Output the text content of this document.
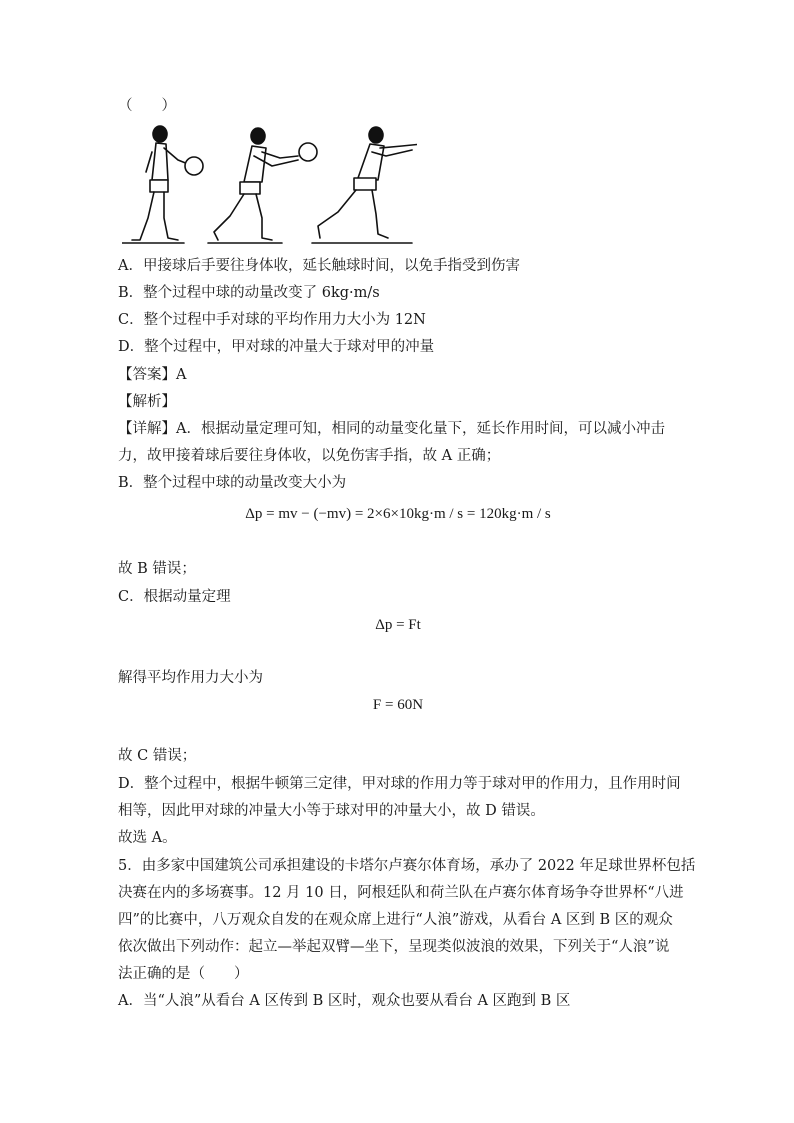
（　　）
A．甲接球后手要往身体收，延长触球时间，以免手指受到伤害
B．整个过程中球的动量改变了 6kg·m/s
C．整个过程中手对球的平均作用力大小为 12N
D．整个过程中，甲对球的冲量大于球对甲的冲量
【答案】A
【解析】
【详解】A．根据动量定理可知，相同的动量变化量下，延长作用时间，可以减小冲击
力，故甲接着球后要往身体收，以免伤害手指，故 A 正确；
B．整个过程中球的动量改变大小为
Δp = mv − (−mv) = 2×6×10kg·m / s = 120kg·m / s
故 B 错误；
C．根据动量定理
Δp = Ft
解得平均作用力大小为
F = 60N
故 C 错误；
D．整个过程中，根据牛顿第三定律，甲对球的作用力等于球对甲的作用力，且作用时间
相等，因此甲对球的冲量大小等于球对甲的冲量大小，故 D 错误。
故选 A。
5．由多家中国建筑公司承担建设的卡塔尔卢赛尔体育场，承办了 2022 年足球世界杯包括
决赛在内的多场赛事。12 月 10 日，阿根廷队和荷兰队在卢赛尔体育场争夺世界杯“八进
四”的比赛中，八万观众自发的在观众席上进行“人浪”游戏，从看台 A 区到 B 区的观众
依次做出下列动作：起立—举起双臂—坐下，呈现类似波浪的效果，下列关于“人浪”说
法正确的是（　　）
A．当“人浪”从看台 A 区传到 B 区时，观众也要从看台 A 区跑到 B 区
